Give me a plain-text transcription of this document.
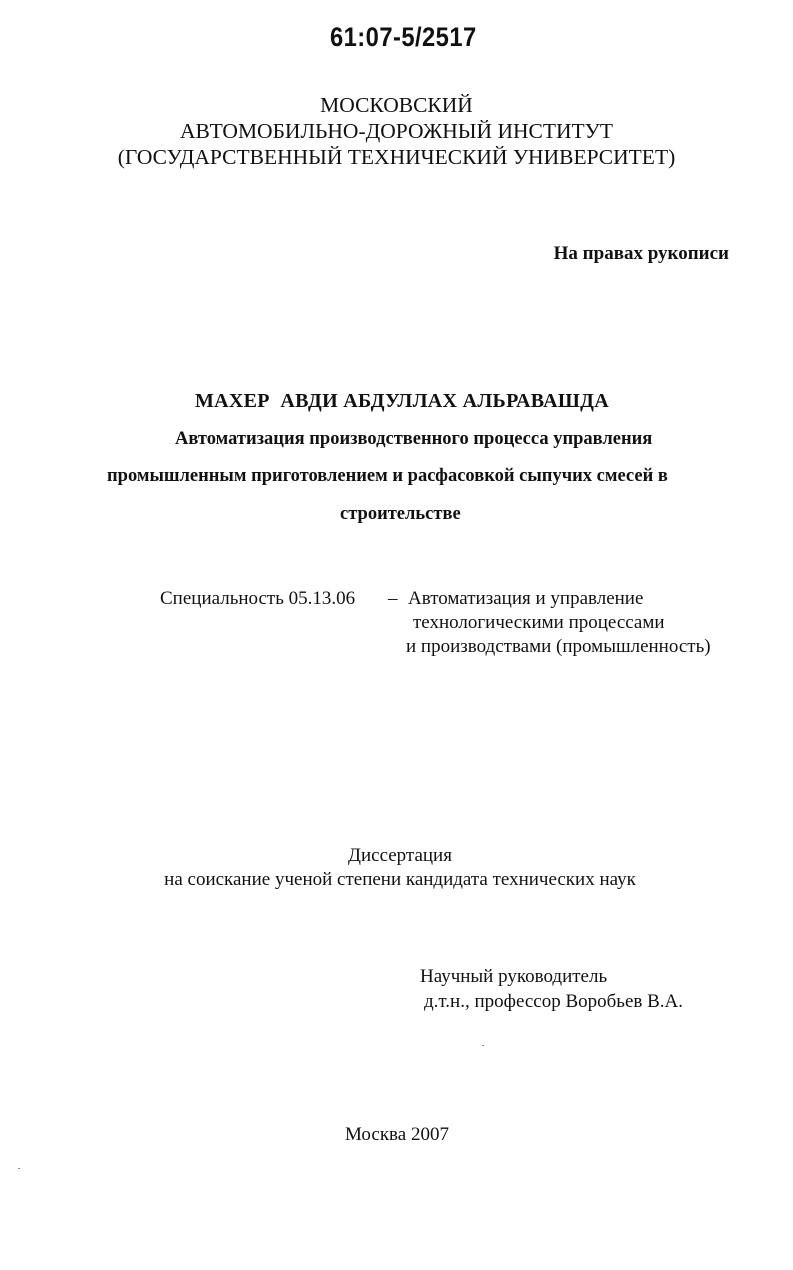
61:07-5/2517
МОСКОВСКИЙ
АВТОМОБИЛЬНО-ДОРОЖНЫЙ ИНСТИТУТ
(ГОСУДАРСТВЕННЫЙ ТЕХНИЧЕСКИЙ УНИВЕРСИТЕТ)
На правах рукописи
МАХЕР  АВДИ АБДУЛЛАХ АЛЬРАВАШДА
Автоматизация производственного процесса управления
промышленным приготовлением и расфасовкой сыпучих смесей в
строительстве
Специальность 05.13.06 – Автоматизация и управление
технологическими процессами
и производствами (промышленность)
Диссертация
на соискание ученой степени кандидата технических наук
Научный руководитель
д.т.н., профессор Воробьев В.А.
Москва 2007
